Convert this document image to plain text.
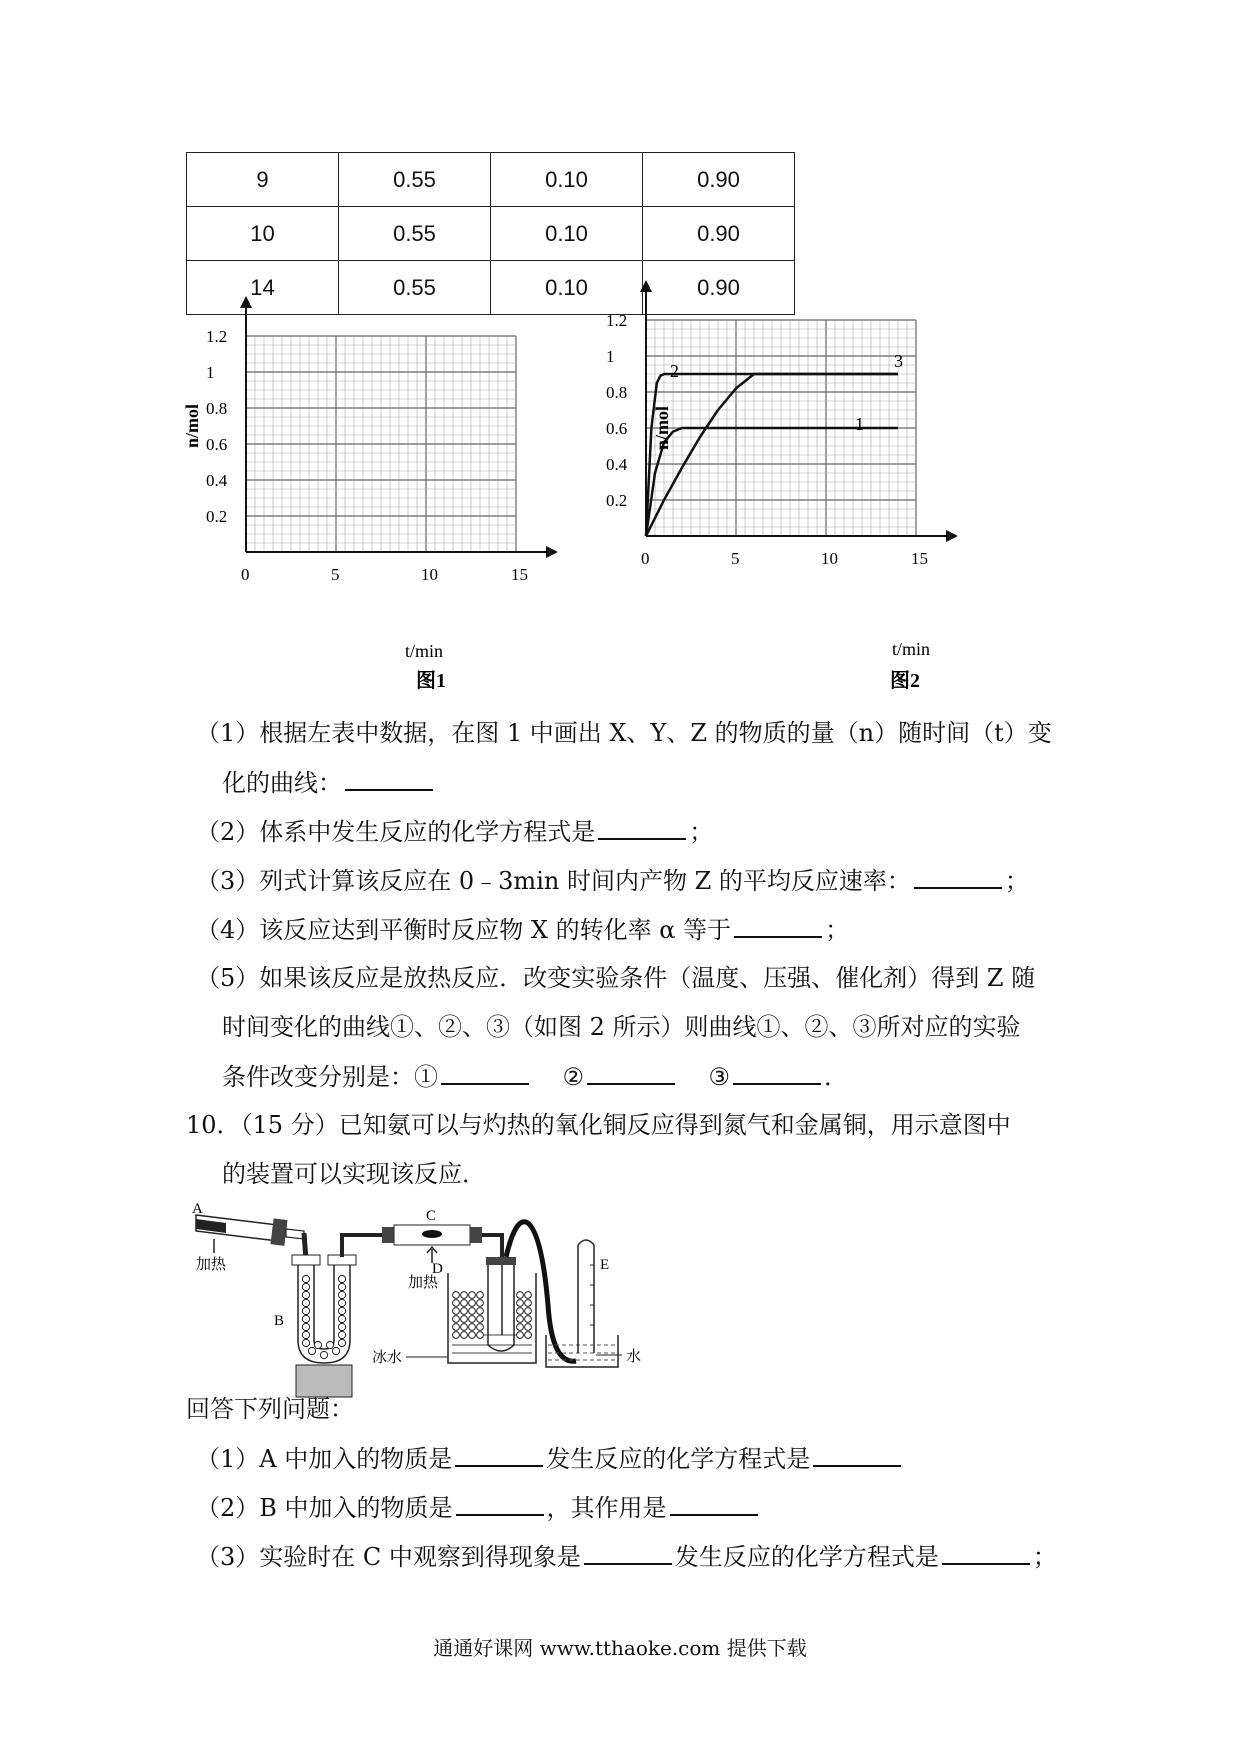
9	0.55	0.10	0.90
10	0.55	0.10	0.90
14	0.55	0.10	0.90
n/mol
t/min
图1
1.2
1
0.8
0.6
0.4
0.2
0	5	10	15
n/mol
t/min
图2
1.2
1
0.8
0.6
0.4
0.2
0	5	10	15
2	3
1
（1）根据左表中数据，在图 1 中画出 X、Y、Z 的物质的量（n）随时间（t）变
化的曲线：
（2）体系中发生反应的化学方程式是	；
（3）列式计算该反应在 0﹣3min 时间内产物 Z 的平均反应速率：	；
（4）该反应达到平衡时反应物 X 的转化率 α 等于	；
（5）如果该反应是放热反应．改变实验条件（温度、压强、催化剂）得到 Z 随
时间变化的曲线①、②、③（如图 2 所示）则曲线①、②、③所对应的实验
条件改变分别是：①	②	③	．
10．（15 分）已知氨可以与灼热的氧化铜反应得到氮气和金属铜，用示意图中
的装置可以实现该反应．
A
加热
B
C
加热
D
冰水
E
水
回答下列问题：
（1）A 中加入的物质是	发生反应的化学方程式是
（2）B 中加入的物质是	，其作用是
（3）实验时在 C 中观察到得现象是	发生反应的化学方程式是	；
通通好课网 www.tthaoke.com 提供下载
